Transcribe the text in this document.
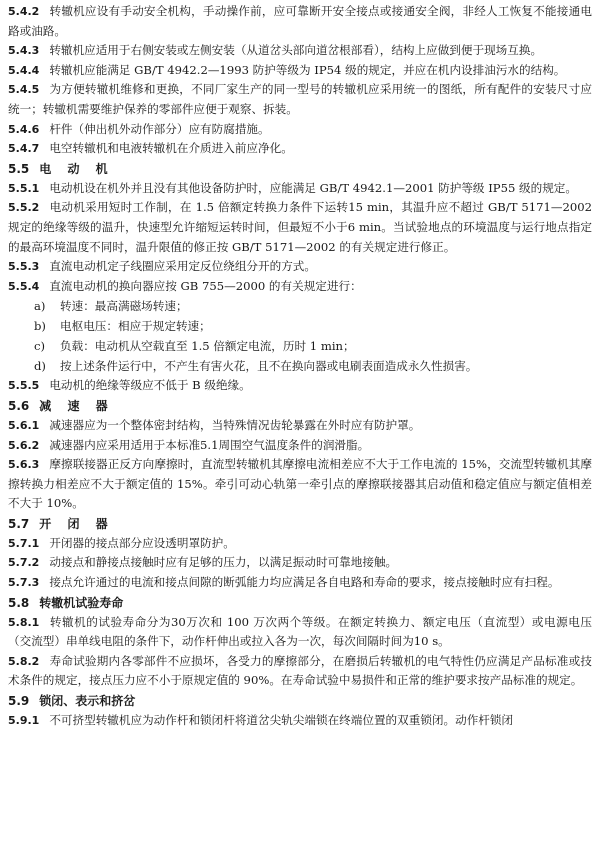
5.4.2 转辙机应设有手动安全机构，手动操作前，应可靠断开安全接点或接通安全阀，非经人工恢复不能接通电路或油路。

5.4.3 转辙机应适用于右侧安装或左侧安装（从道岔头部向道岔根部看），结构上应做到便于现场互换。

5.4.4 转辙机应能满足 GB/T 4942.2—1993 防护等级为 IP54 级的规定，并应在机内设排油污水的结构。

5.4.5 为方便转辙机维修和更换，不同厂家生产的同一型号的转辙机应采用统一的图纸，所有配件的安装尺寸应统一；转辙机需要维护保养的零部件应便于观察、拆装。

5.4.6 杆件（伸出机外动作部分）应有防腐措施。

5.4.7 电空转辙机和电液转辙机在介质进入前应净化。

5.5 电 动 机

5.5.1 电动机设在机外并且没有其他设备防护时，应能满足 GB/T 4942.1—2001 防护等级 IP55 级的规定。

5.5.2 电动机采用短时工作制，在 1.5 倍额定转换力条件下运转15 min，其温升应不超过 GB/T 5171—2002 规定的绝缘等级的温升，快速型允许缩短运转时间，但最短不小于6 min。当试验地点的环境温度与运行地点指定的最高环境温度不同时，温升限值的修正按 GB/T 5171—2002 的有关规定进行修正。

5.5.3 直流电动机定子线圈应采用定反位绕组分开的方式。

5.5.4 直流电动机的换向器应按 GB 755—2000 的有关规定进行：

a) 转速：最高满磁场转速；

b) 电枢电压：相应于规定转速；

c) 负载：电动机从空载直至 1.5 倍额定电流，历时 1 min；

d) 按上述条件运行中，不产生有害火花，且不在换向器或电刷表面造成永久性损害。

5.5.5 电动机的绝缘等级应不低于 B 级绝缘。

5.6 减 速 器

5.6.1 减速器应为一个整体密封结构，当特殊情况齿轮暴露在外时应有防护罩。

5.6.2 减速器内应采用适用于本标准5.1周围空气温度条件的润滑脂。

5.6.3 摩擦联接器正反方向摩擦时，直流型转辙机其摩擦电流相差应不大于工作电流的 15%，交流型转辙机其摩擦转换力相差应不大于额定值的 15%。牵引可动心轨第一牵引点的摩擦联接器其启动值和稳定值应与额定值相差不大于 10%。

5.7 开 闭 器

5.7.1 开闭器的接点部分应设透明罩防护。

5.7.2 动接点和静接点接触时应有足够的压力，以满足振动时可靠地接触。

5.7.3 接点允许通过的电流和接点间隙的断弧能力均应满足各自电路和寿命的要求，接点接触时应有扫程。

5.8 转辙机试验寿命

5.8.1 转辙机的试验寿命分为30万次和 100 万次两个等级。在额定转换力、额定电压（直流型）或电源电压（交流型）串单线电阻的条件下，动作杆伸出或拉入各为一次，每次间隔时间为10 s。

5.8.2 寿命试验期内各零部件不应损坏，各受力的摩擦部分，在磨损后转辙机的电气特性仍应满足产品标准或技术条件的规定，接点压力应不小于原规定值的 90%。在寿命试验中易损件和正常的维护要求按产品标准的规定。

5.9 锁闭、表示和挤岔

5.9.1 不可挤型转辙机应为动作杆和锁闭杆将道岔尖轨尖端锁在终端位置的双重锁闭。动作杆锁闭
